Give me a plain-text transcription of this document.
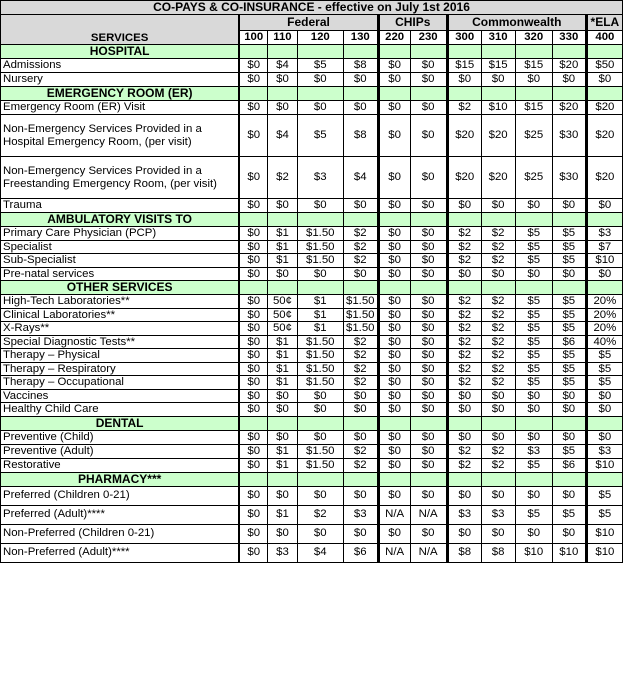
CO-PAYS & CO-INSURANCE - effective on July 1st 2016											
SERVICES	Federal				CHIPs		Commonwealth				*ELA
	100	110	120	130	220	230	300	310	320	330	400
HOSPITAL											
Admissions	$0	$4	$5	$8	$0	$0	$15	$15	$15	$20	$50
Nursery	$0	$0	$0	$0	$0	$0	$0	$0	$0	$0	$0
EMERGENCY ROOM (ER)											
Emergency Room (ER) Visit	$0	$0	$0	$0	$0	$0	$2	$10	$15	$20	$20
Non-Emergency Services Provided in a Hospital Emergency Room, (per visit)	$0	$4	$5	$8	$0	$0	$20	$20	$25	$30	$20
Non-Emergency Services Provided in a Freestanding Emergency Room, (per visit)	$0	$2	$3	$4	$0	$0	$20	$20	$25	$30	$20
Trauma	$0	$0	$0	$0	$0	$0	$0	$0	$0	$0	$0
AMBULATORY VISITS TO											
Primary Care Physician (PCP)	$0	$1	$1.50	$2	$0	$0	$2	$2	$5	$5	$3
Specialist	$0	$1	$1.50	$2	$0	$0	$2	$2	$5	$5	$7
Sub-Specialist	$0	$1	$1.50	$2	$0	$0	$2	$2	$5	$5	$10
Pre-natal services	$0	$0	$0	$0	$0	$0	$0	$0	$0	$0	$0
OTHER SERVICES											
High-Tech Laboratories**	$0	50¢	$1	$1.50	$0	$0	$2	$2	$5	$5	20%
Clinical Laboratories**	$0	50¢	$1	$1.50	$0	$0	$2	$2	$5	$5	20%
X-Rays**	$0	50¢	$1	$1.50	$0	$0	$2	$2	$5	$5	20%
Special Diagnostic Tests**	$0	$1	$1.50	$2	$0	$0	$2	$2	$5	$6	40%
Therapy – Physical	$0	$1	$1.50	$2	$0	$0	$2	$2	$5	$5	$5
Therapy – Respiratory	$0	$1	$1.50	$2	$0	$0	$2	$2	$5	$5	$5
Therapy – Occupational	$0	$1	$1.50	$2	$0	$0	$2	$2	$5	$5	$5
Vaccines	$0	$0	$0	$0	$0	$0	$0	$0	$0	$0	$0
Healthy Child Care	$0	$0	$0	$0	$0	$0	$0	$0	$0	$0	$0
DENTAL											
Preventive (Child)	$0	$0	$0	$0	$0	$0	$0	$0	$0	$0	$0
Preventive (Adult)	$0	$1	$1.50	$2	$0	$0	$2	$2	$3	$5	$3
Restorative	$0	$1	$1.50	$2	$0	$0	$2	$2	$5	$6	$10
PHARMACY***											
Preferred (Children 0-21)	$0	$0	$0	$0	$0	$0	$0	$0	$0	$0	$5
Preferred (Adult)****	$0	$1	$2	$3	N/A	N/A	$3	$3	$5	$5	$5
Non-Preferred (Children 0-21)	$0	$0	$0	$0	$0	$0	$0	$0	$0	$0	$10
Non-Preferred (Adult)****	$0	$3	$4	$6	N/A	N/A	$8	$8	$10	$10	$10
